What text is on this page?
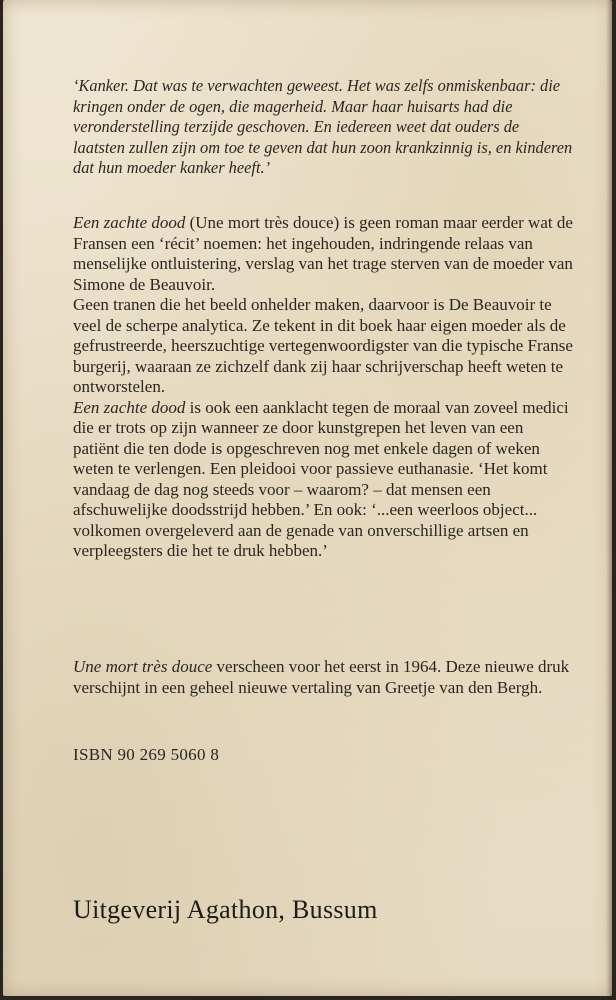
‘Kanker. Dat was te verwachten geweest. Het was zelfs onmiskenbaar: die kringen onder de ogen, die magerheid. Maar haar huisarts had die veronderstelling terzijde geschoven. En iedereen weet dat ouders de laatsten zullen zijn om toe te geven dat hun zoon krankzinnig is, en kinderen dat hun moeder kanker heeft.’

Een zachte dood (Une mort très douce) is geen roman maar eerder wat de Fransen een ‘récit’ noemen: het ingehouden, indringende relaas van menselijke ontluistering, verslag van het trage sterven van de moeder van Simone de Beauvoir.

Geen tranen die het beeld onhelder maken, daarvoor is De Beauvoir te veel de scherpe analytica. Ze tekent in dit boek haar eigen moeder als de gefrustreerde, heerszuchtige vertegenwoordigster van die typische Franse burgerij, waaraan ze zichzelf dank zij haar schrijverschap heeft weten te ontworstelen.

Een zachte dood is ook een aanklacht tegen de moraal van zoveel medici die er trots op zijn wanneer ze door kunstgrepen het leven van een patiënt die ten dode is opgeschreven nog met enkele dagen of weken weten te verlengen. Een pleidooi voor passieve euthanasie. ‘Het komt vandaag de dag nog steeds voor – waarom? – dat mensen een afschuwelijke doodsstrijd hebben.’ En ook: ‘...een weerloos object... volkomen overgeleverd aan de genade van onverschillige artsen en verpleegsters die het te druk hebben.’

Une mort très douce verscheen voor het eerst in 1964. Deze nieuwe druk verschijnt in een geheel nieuwe vertaling van Greetje van den Bergh.

ISBN 90 269 5060 8

Uitgeverij Agathon, Bussum
